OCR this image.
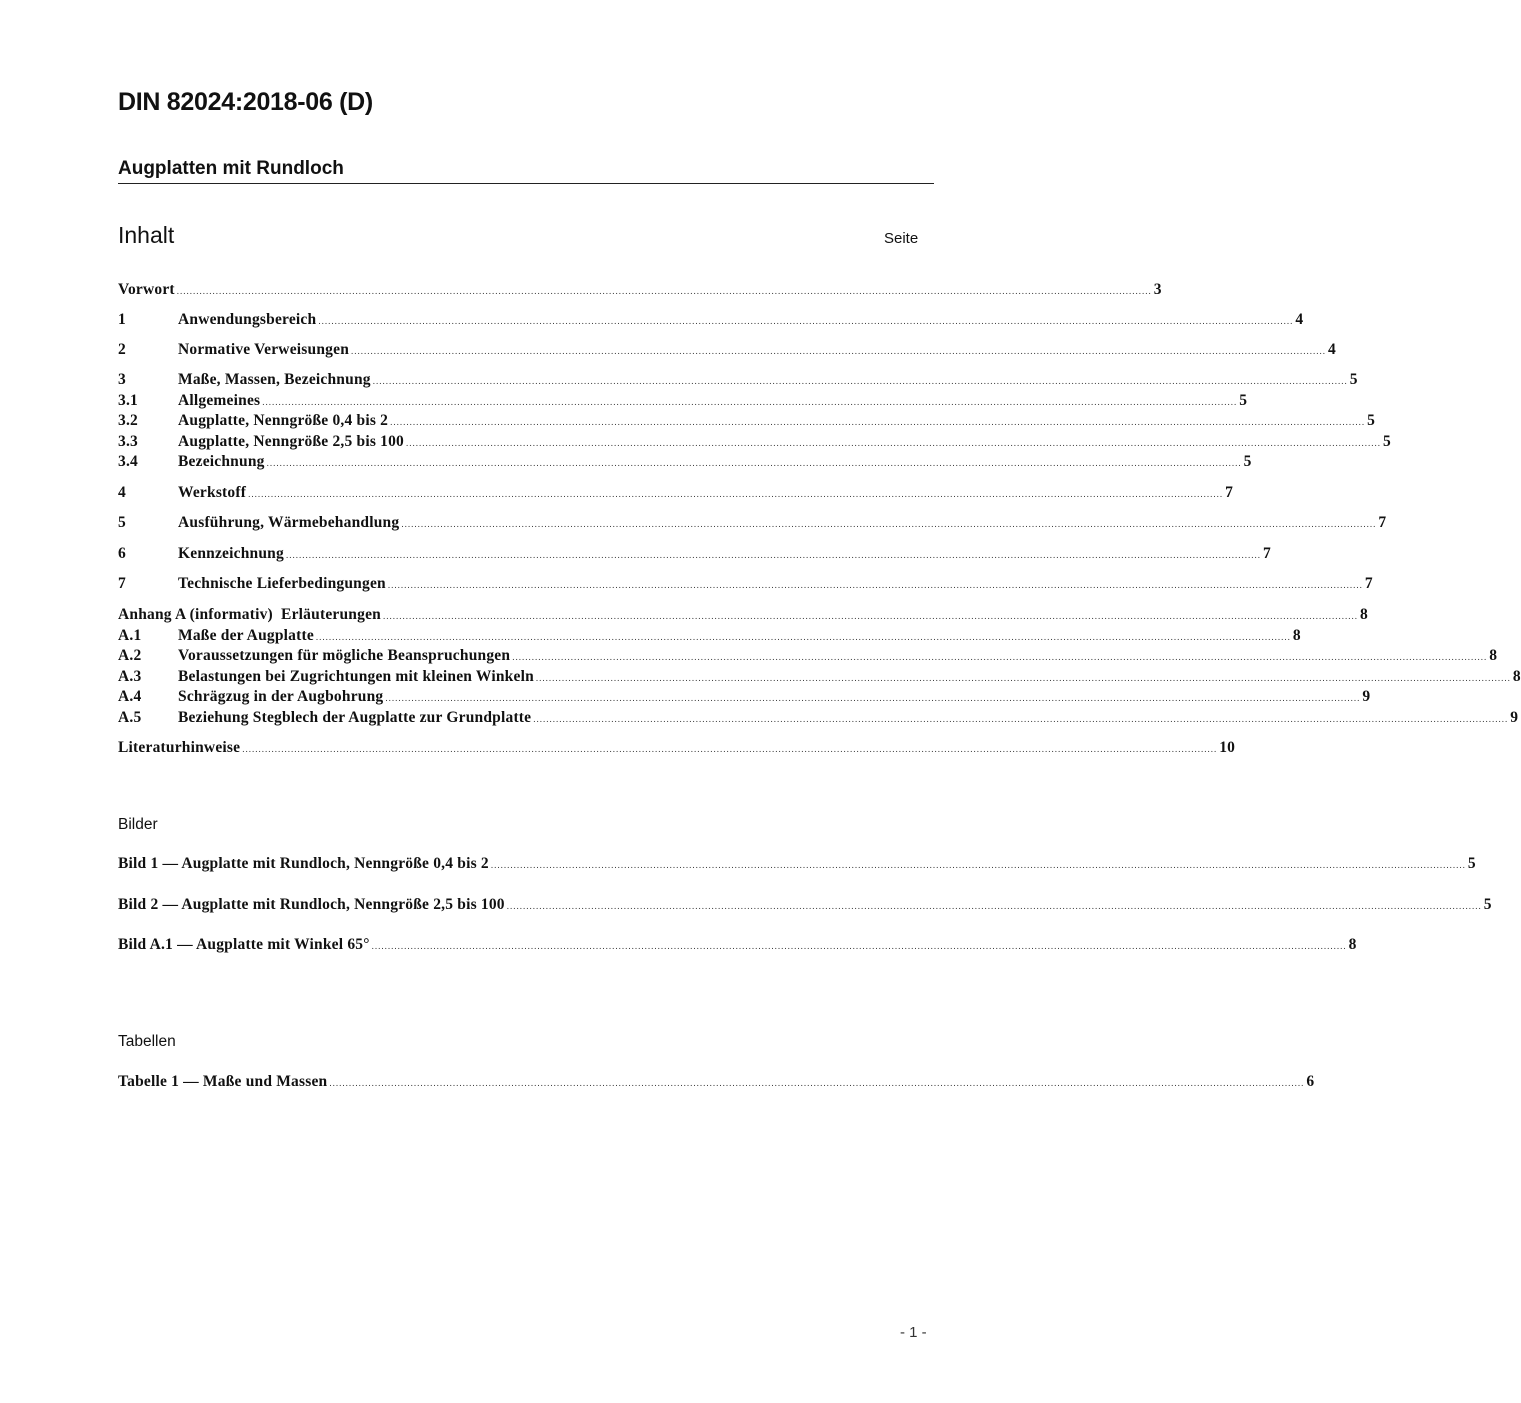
DIN 82024:2018-06 (D)
Augplatten mit Rundloch
Inhalt	Seite
Vorwort ............................................................................................................................................................................................................................................................................................................ 3
1	Anwendungsbereich ............................................................................................................................................................................................................................................................................................................ 4
2	Normative Verweisungen ............................................................................................................................................................................................................................................................................................................ 4
3	Maße, Massen, Bezeichnung ............................................................................................................................................................................................................................................................................................................ 5
3.1	Allgemeines ............................................................................................................................................................................................................................................................................................................ 5
3.2	Augplatte, Nenngröße 0,4 bis 2 ............................................................................................................................................................................................................................................................................................................ 5
3.3	Augplatte, Nenngröße 2,5 bis 100 ............................................................................................................................................................................................................................................................................................................ 5
3.4	Bezeichnung ............................................................................................................................................................................................................................................................................................................ 5
4	Werkstoff ............................................................................................................................................................................................................................................................................................................ 7
5	Ausführung, Wärmebehandlung ............................................................................................................................................................................................................................................................................................................ 7
6	Kennzeichnung ............................................................................................................................................................................................................................................................................................................ 7
7	Technische Lieferbedingungen ............................................................................................................................................................................................................................................................................................................ 7
Anhang A (informativ)  Erläuterungen ............................................................................................................................................................................................................................................................................................................ 8
A.1	Maße der Augplatte ............................................................................................................................................................................................................................................................................................................ 8
A.2	Voraussetzungen für mögliche Beanspruchungen ............................................................................................................................................................................................................................................................................................................ 8
A.3	Belastungen bei Zugrichtungen mit kleinen Winkeln ............................................................................................................................................................................................................................................................................................................ 8
A.4	Schrägzug in der Augbohrung ............................................................................................................................................................................................................................................................................................................ 9
A.5	Beziehung Stegblech der Augplatte zur Grundplatte ............................................................................................................................................................................................................................................................................................................ 9
Literaturhinweise ............................................................................................................................................................................................................................................................................................................ 10
Bilder
Bild 1 — Augplatte mit Rundloch, Nenngröße 0,4 bis 2 ............................................................................................................................................................................................................................................................................................................ 5
Bild 2 — Augplatte mit Rundloch, Nenngröße 2,5 bis 100 ............................................................................................................................................................................................................................................................................................................ 5
Bild A.1 — Augplatte mit Winkel 65° ............................................................................................................................................................................................................................................................................................................ 8
Tabellen
Tabelle 1 — Maße und Massen ............................................................................................................................................................................................................................................................................................................ 6
- 1 -
